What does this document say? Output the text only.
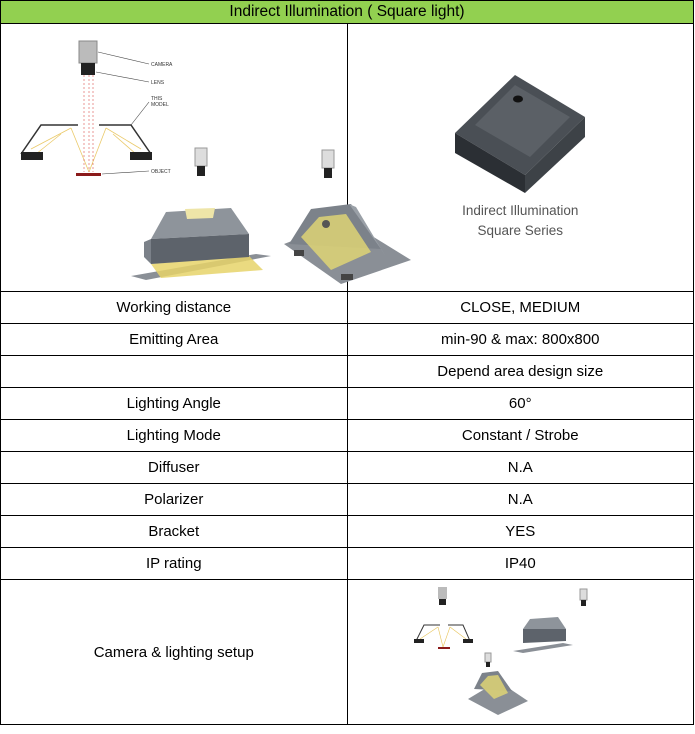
Indirect Illumination ( Square light)	

CAMERA
LENS
THIS
MODEL
OBJECT	Indirect Illumination
Square Series

Working distance	CLOSE, MEDIUM
Emitting Area	min-90 & max: 800x800
	Depend area design size
Lighting Angle	60°
Lighting Mode	Constant / Strobe
Diffuser	N.A
Polarizer	N.A
Bracket	YES
IP rating	IP40
Camera & lighting setup	
